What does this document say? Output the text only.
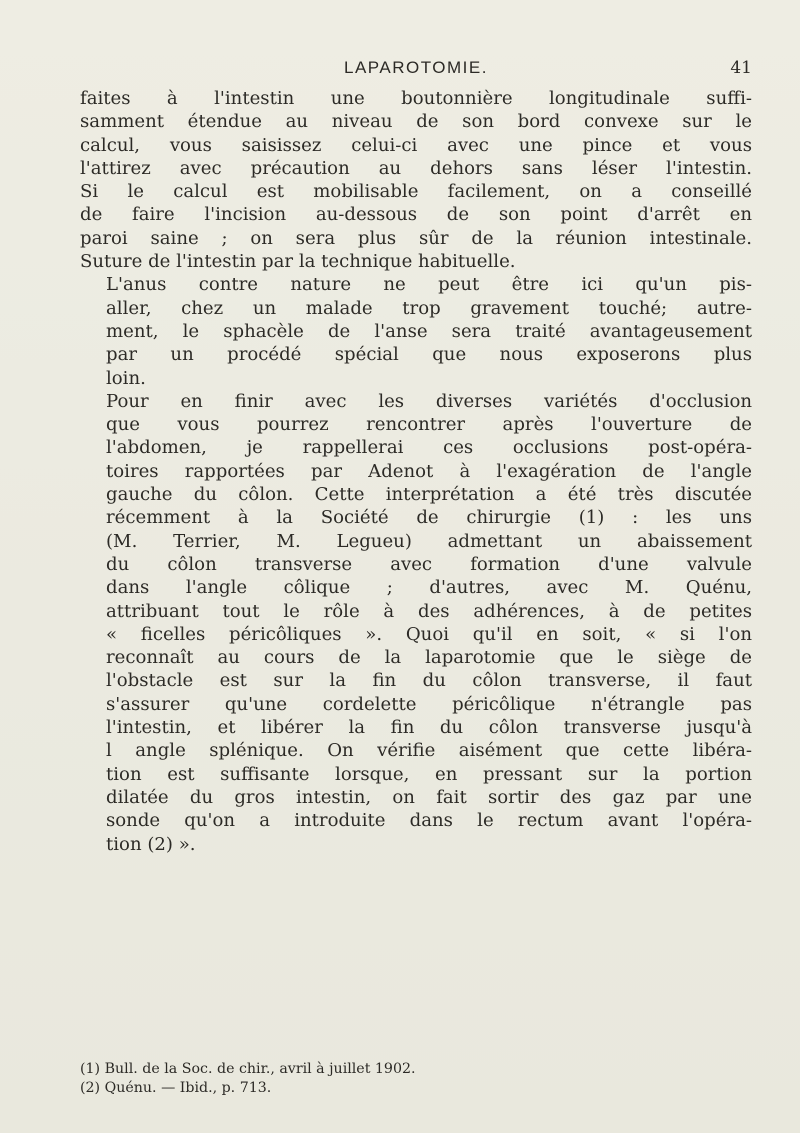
LAPAROTOMIE.	41

faites à l'intestin une boutonnière longitudinale suffi-
samment étendue au niveau de son bord convexe sur le
calcul, vous saisissez celui-ci avec une pince et vous
l'attirez avec précaution au dehors sans léser l'intestin.
Si le calcul est mobilisable facilement, on a conseillé
de faire l'incision au-dessous de son point d'arrêt en
paroi saine ; on sera plus sûr de la réunion intestinale.
Suture de l'intestin par la technique habituelle.

L'anus contre nature ne peut être ici qu'un pis-
aller, chez un malade trop gravement touché; autre-
ment, le sphacèle de l'anse sera traité avantageusement
par un procédé spécial que nous exposerons plus
loin.

Pour en finir avec les diverses variétés d'occlusion
que vous pourrez rencontrer après l'ouverture de
l'abdomen, je rappellerai ces occlusions post-opéra-
toires rapportées par Adenot à l'exagération de l'angle
gauche du côlon. Cette interprétation a été très discutée
récemment à la Société de chirurgie (1) : les uns
(M. Terrier, M. Legueu) admettant un abaissement
du côlon transverse avec formation d'une valvule
dans l'angle côlique ; d'autres, avec M. Quénu,
attribuant tout le rôle à des adhérences, à de petites
« ficelles péricôliques ». Quoi qu'il en soit, « si l'on
reconnaît au cours de la laparotomie que le siège de
l'obstacle est sur la fin du côlon transverse, il faut
s'assurer qu'une cordelette péricôlique n'étrangle pas
l'intestin, et libérer la fin du côlon transverse jusqu'à
l angle splénique. On vérifie aisément que cette libéra-
tion est suffisante lorsque, en pressant sur la portion
dilatée du gros intestin, on fait sortir des gaz par une
sonde qu'on a introduite dans le rectum avant l'opéra-
tion (2) ».

(1) Bull. de la Soc. de chir., avril à juillet 1902.

(2) Quénu. — Ibid., p. 713.
